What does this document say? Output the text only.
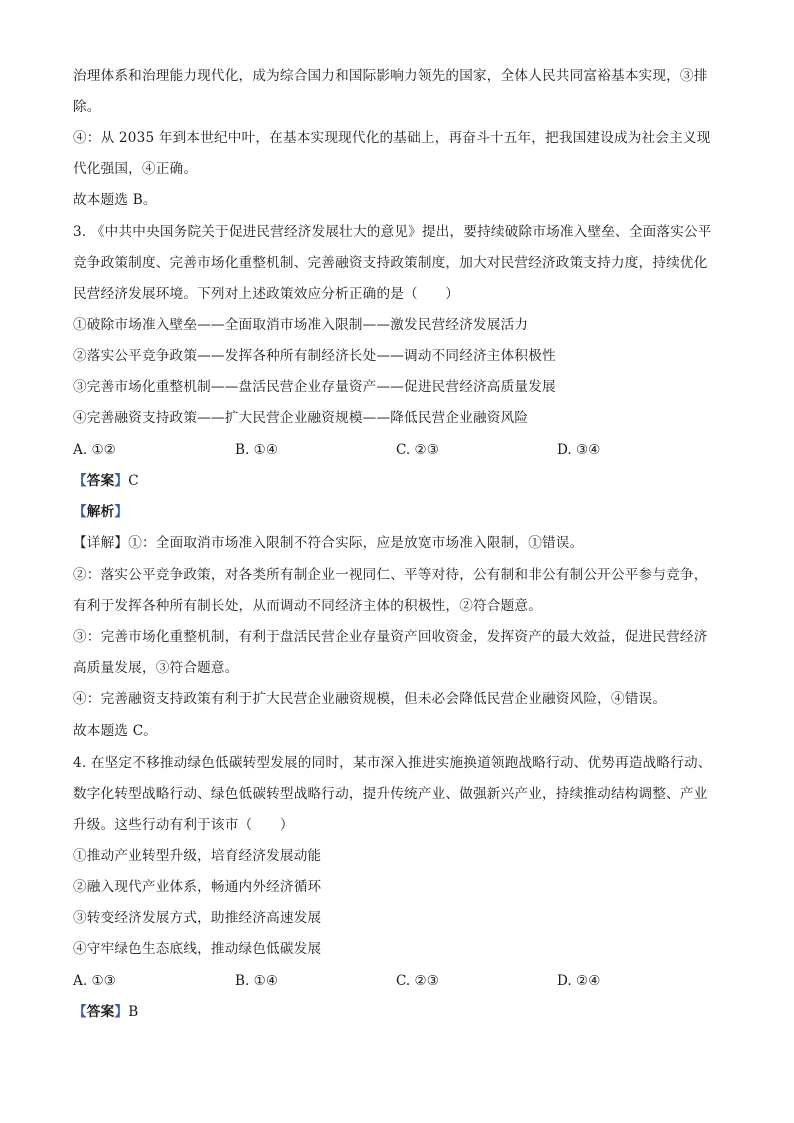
治理体系和治理能力现代化，成为综合国力和国际影响力领先的国家，全体人民共同富裕基本实现，③排
除。
④：从 2035 年到本世纪中叶，在基本实现现代化的基础上，再奋斗十五年，把我国建设成为社会主义现
代化强国，④正确。
故本题选 B。
3. 《中共中央国务院关于促进民营经济发展壮大的意见》提出，要持续破除市场准入壁垒、全面落实公平
竞争政策制度、完善市场化重整机制、完善融资支持政策制度，加大对民营经济政策支持力度，持续优化
民营经济发展环境。下列对上述政策效应分析正确的是（　　）
①破除市场准入壁垒——全面取消市场准入限制——激发民营经济发展活力
②落实公平竞争政策——发挥各种所有制经济长处——调动不同经济主体积极性
③完善市场化重整机制——盘活民营企业存量资产——促进民营经济高质量发展
④完善融资支持政策——扩大民营企业融资规模——降低民营企业融资风险
A. ①②	B. ①④	C. ②③	D. ③④
【答案】C
【解析】
【详解】①：全面取消市场准入限制不符合实际，应是放宽市场准入限制，①错误。
②：落实公平竞争政策，对各类所有制企业一视同仁、平等对待，公有制和非公有制公开公平参与竞争，
有利于发挥各种所有制长处，从而调动不同经济主体的积极性，②符合题意。
③：完善市场化重整机制，有利于盘活民营企业存量资产回收资金，发挥资产的最大效益，促进民营经济
高质量发展，③符合题意。
④：完善融资支持政策有利于扩大民营企业融资规模，但未必会降低民营企业融资风险，④错误。
故本题选 C。
4. 在坚定不移推动绿色低碳转型发展的同时，某市深入推进实施换道领跑战略行动、优势再造战略行动、
数字化转型战略行动、绿色低碳转型战略行动，提升传统产业、做强新兴产业，持续推动结构调整、产业
升级。这些行动有利于该市（　　）
①推动产业转型升级，培育经济发展动能
②融入现代产业体系，畅通内外经济循环
③转变经济发展方式，助推经济高速发展
④守牢绿色生态底线，推动绿色低碳发展
A. ①③	B. ①④	C. ②③	D. ②④
【答案】B
